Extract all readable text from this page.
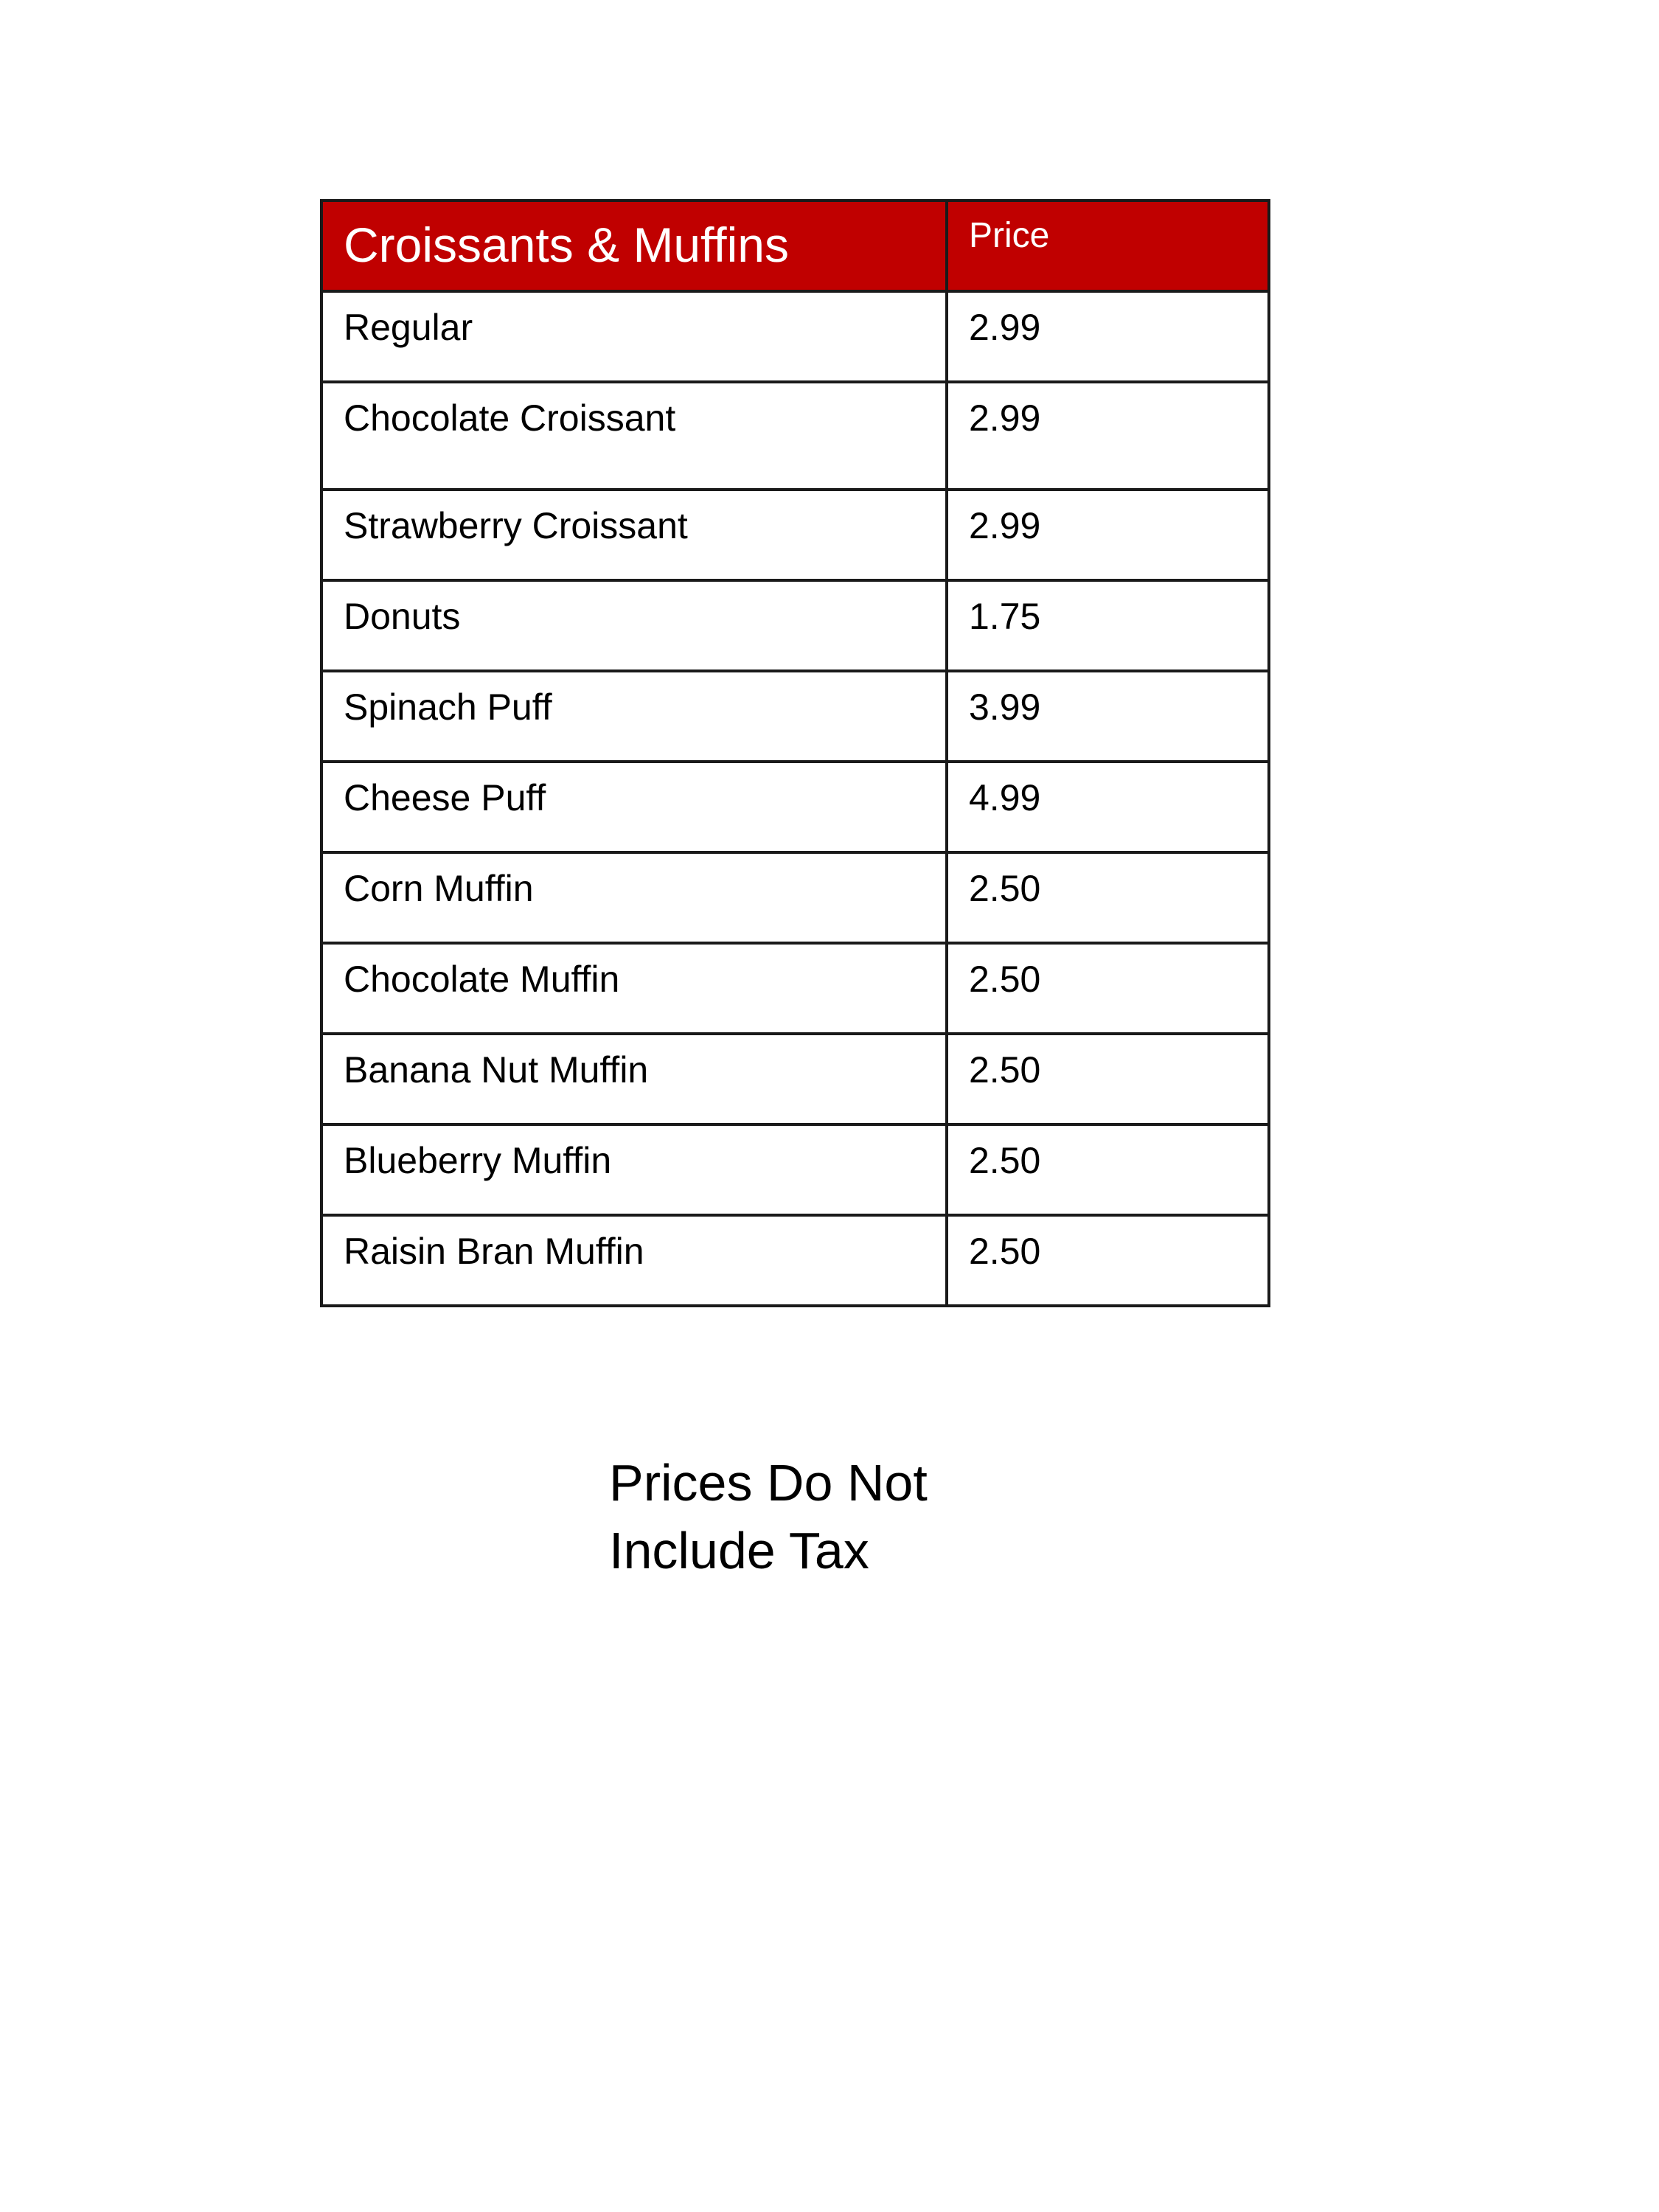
Croissants & Muffins	Price
Regular	2.99
Chocolate Croissant	2.99
Strawberry Croissant	2.99
Donuts	1.75
Spinach Puff	3.99
Cheese Puff	4.99
Corn Muffin	2.50
Chocolate Muffin	2.50
Banana Nut Muffin	2.50
Blueberry Muffin	2.50
Raisin Bran Muffin	2.50
Prices Do Not
Include Tax
